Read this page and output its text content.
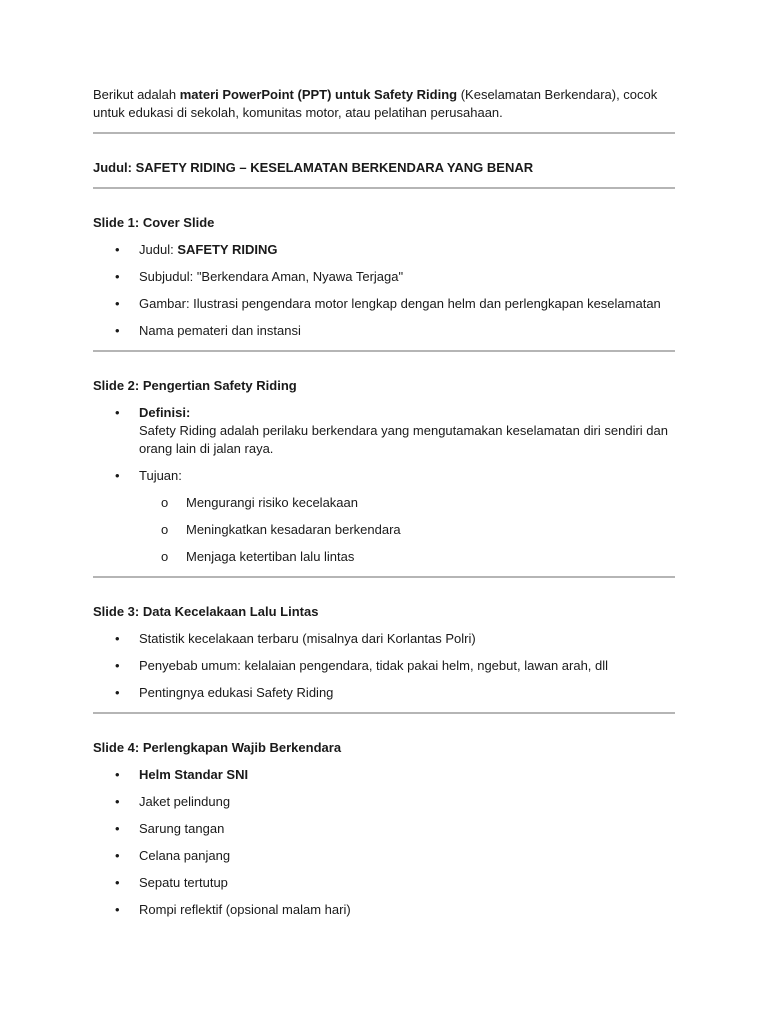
Berikut adalah materi PowerPoint (PPT) untuk Safety Riding (Keselamatan Berkendara), cocok untuk edukasi di sekolah, komunitas motor, atau pelatihan perusahaan.

Judul: SAFETY RIDING – KESELAMATAN BERKENDARA YANG BENAR

Slide 1: Cover Slide

• Judul: SAFETY RIDING
• Subjudul: "Berkendara Aman, Nyawa Terjaga"
• Gambar: Ilustrasi pengendara motor lengkap dengan helm dan perlengkapan keselamatan
• Nama pemateri dan instansi

Slide 2: Pengertian Safety Riding

• Definisi:
Safety Riding adalah perilaku berkendara yang mengutamakan keselamatan diri sendiri dan orang lain di jalan raya.
• Tujuan:
o Mengurangi risiko kecelakaan
o Meningkatkan kesadaran berkendara
o Menjaga ketertiban lalu lintas

Slide 3: Data Kecelakaan Lalu Lintas

• Statistik kecelakaan terbaru (misalnya dari Korlantas Polri)
• Penyebab umum: kelalaian pengendara, tidak pakai helm, ngebut, lawan arah, dll
• Pentingnya edukasi Safety Riding

Slide 4: Perlengkapan Wajib Berkendara

• Helm Standar SNI
• Jaket pelindung
• Sarung tangan
• Celana panjang
• Sepatu tertutup
• Rompi reflektif (opsional malam hari)
